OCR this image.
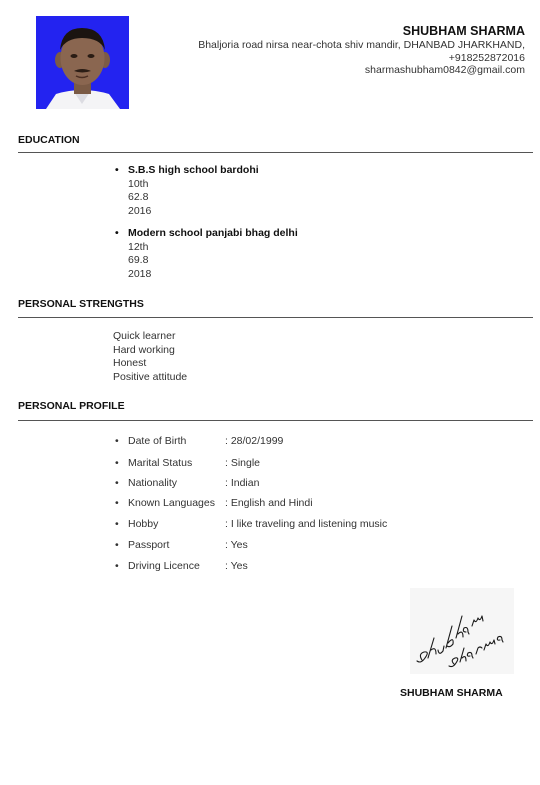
SHUBHAM SHARMA
Bhaljoria road nirsa near-chota shiv mandir, DHANBAD JHARKHAND,
+918252872016
sharmashubham0842@gmail.com
EDUCATION
• S.B.S high school bardohi
10th
62.8
2016
• Modern school panjabi bhag delhi
12th
69.8
2018
PERSONAL STRENGTHS
Quick learner
Hard working
Honest
Positive attitude
PERSONAL PROFILE
• Date of Birth	: 28/02/1999
• Marital Status	: Single
• Nationality	: Indian
• Known Languages : English and Hindi
• Hobby	: I like traveling and listening music
• Passport	: Yes
• Driving Licence : Yes
SHUBHAM SHARMA
